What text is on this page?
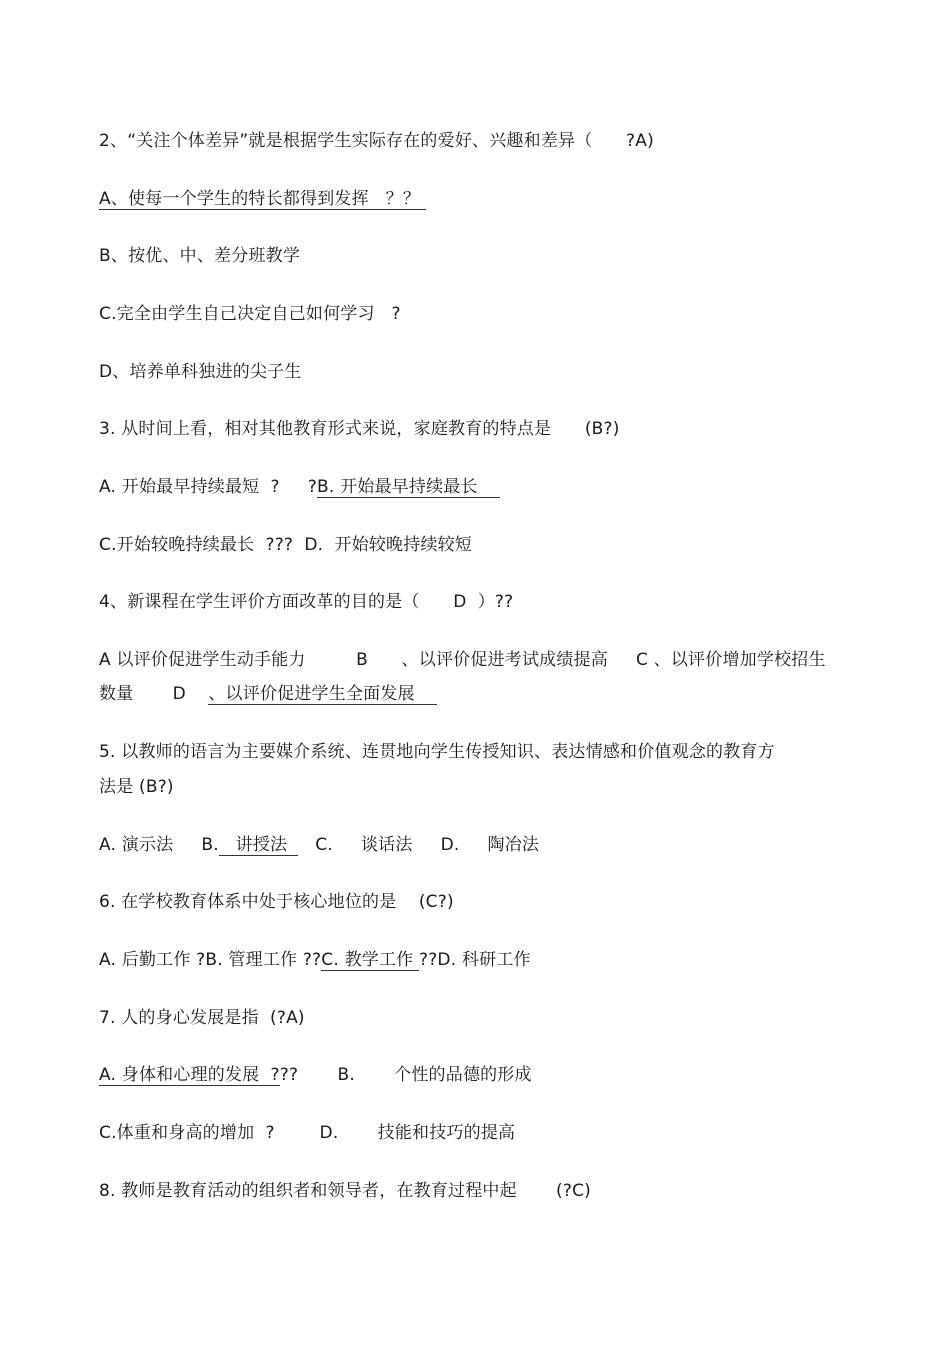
2、“关注个体差异”就是根据学生实际存在的爱好、兴趣和差异（      ?A)
A、使每一个学生的特长都得到发挥   ？？
B、按优、中、差分班教学
C.完全由学生自己决定自己如何学习   ?
D、培养单科独进的尖子生
3. 从时间上看，相对其他教育形式来说，家庭教育的特点是      (B?)
A. 开始最早持续最短  ?     ?B. 开始最早持续最长
C.开始较晚持续最长  ???  D.  开始较晚持续较短
4、新课程在学生评价方面改革的目的是（      D  ）??
A 以评价促进学生动手能力         B      、以评价促进考试成绩提高     C 、以评价增加学校招生
数量       D    、以评价促进学生全面发展
5. 以教师的语言为主要媒介系统、连贯地向学生传授知识、表达情感和价值观念的教育方
法是 (B?)
A. 演示法     B.   讲授法     C.     谈话法     D.     陶冶法
6. 在学校教育体系中处于核心地位的是    (C?)
A. 后勤工作 ?B. 管理工作 ??C. 教学工作 ??D. 科研工作
7. 人的身心发展是指  (?A)
A. 身体和心理的发展  ???       B.       个性的品德的形成
C.体重和身高的增加  ?        D.       技能和技巧的提高
8. 教师是教育活动的组织者和领导者，在教育过程中起       (?C)
